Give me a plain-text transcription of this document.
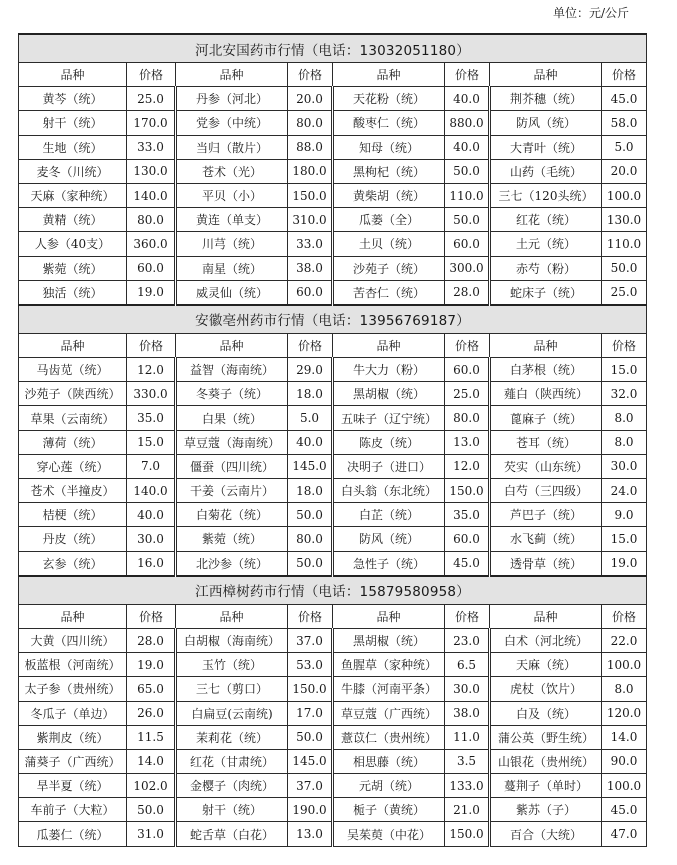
单位：元/公斤
河北安国药市行情（电话：13032051180）							
品种	价格	品种	价格	品种	价格	品种	价格
黄芩（统）	25.0	丹参（河北）	20.0	天花粉（统）	40.0	荆芥穗（统）	45.0
射干（统）	170.0	党参（中统）	80.0	酸枣仁（统）	880.0	防风（统）	58.0
生地（统）	33.0	当归（散片）	88.0	知母（统）	40.0	大青叶（统）	5.0
麦冬（川统）	130.0	苍术（光）	180.0	黑枸杞（统）	50.0	山药（毛统）	20.0
天麻（家种统）	140.0	平贝（小）	150.0	黄柴胡（统）	110.0	三七（120头统）	100.0
黄精（统）	80.0	黄连（单支）	310.0	瓜蒌（全）	50.0	红花（统）	130.0
人参（40支）	360.0	川芎（统）	33.0	土贝（统）	60.0	土元（统）	110.0
紫菀（统）	60.0	南星（统）	38.0	沙苑子（统）	300.0	赤芍（粉）	50.0
独活（统）	19.0	威灵仙（统）	60.0	苦杏仁（统）	28.0	蛇床子（统）	25.0
安徽亳州药市行情（电话：13956769187）							
品种	价格	品种	价格	品种	价格	品种	价格
马齿苋（统）	12.0	益智（海南统）	29.0	牛大力（粉）	60.0	白茅根（统）	15.0
沙苑子（陕西统）	330.0	冬葵子（统）	18.0	黑胡椒（统）	25.0	薤白（陕西统）	32.0
草果（云南统）	35.0	白果（统）	5.0	五味子（辽宁统）	80.0	蓖麻子（统）	8.0
薄荷（统）	15.0	草豆蔻（海南统）	40.0	陈皮（统）	13.0	苍耳（统）	8.0
穿心莲（统）	7.0	僵蚕（四川统）	145.0	决明子（进口）	12.0	芡实（山东统）	30.0
苍术（半撞皮）	140.0	干姜（云南片）	18.0	白头翁（东北统）	150.0	白芍（三四级）	24.0
桔梗（统）	40.0	白菊花（统）	50.0	白芷（统）	35.0	芦巴子（统）	9.0
丹皮（统）	30.0	紫菀（统）	80.0	防风（统）	60.0	水飞蓟（统）	15.0
玄参（统）	16.0	北沙参（统）	50.0	急性子（统）	45.0	透骨草（统）	19.0
江西樟树药市行情（电话：15879580958）							
品种	价格	品种	价格	品种	价格	品种	价格
大黄（四川统）	28.0	白胡椒（海南统）	37.0	黑胡椒（统）	23.0	白术（河北统）	22.0
板蓝根（河南统）	19.0	玉竹（统）	53.0	鱼腥草（家种统）	6.5	天麻（统）	100.0
太子参（贵州统）	65.0	三七（剪口）	150.0	牛膝（河南平条）	30.0	虎杖（饮片）	8.0
冬瓜子（单边）	26.0	白扁豆(云南统)	17.0	草豆蔻（广西统）	38.0	白及（统）	120.0
紫荆皮（统）	11.5	茉莉花（统）	50.0	薏苡仁（贵州统）	11.0	蒲公英（野生统）	14.0
蒲葵子（广西统）	14.0	红花（甘肃统）	145.0	相思藤（统）	3.5	山银花（贵州统）	90.0
旱半夏（统）	102.0	金樱子（肉统）	37.0	元胡（统）	133.0	蔓荆子（单时）	100.0
车前子（大粒）	50.0	射干（统）	190.0	栀子（黄统）	21.0	紫苏（子）	45.0
瓜蒌仁（统）	31.0	蛇舌草（白花）	13.0	吴茱萸（中花）	150.0	百合（大统）	47.0
